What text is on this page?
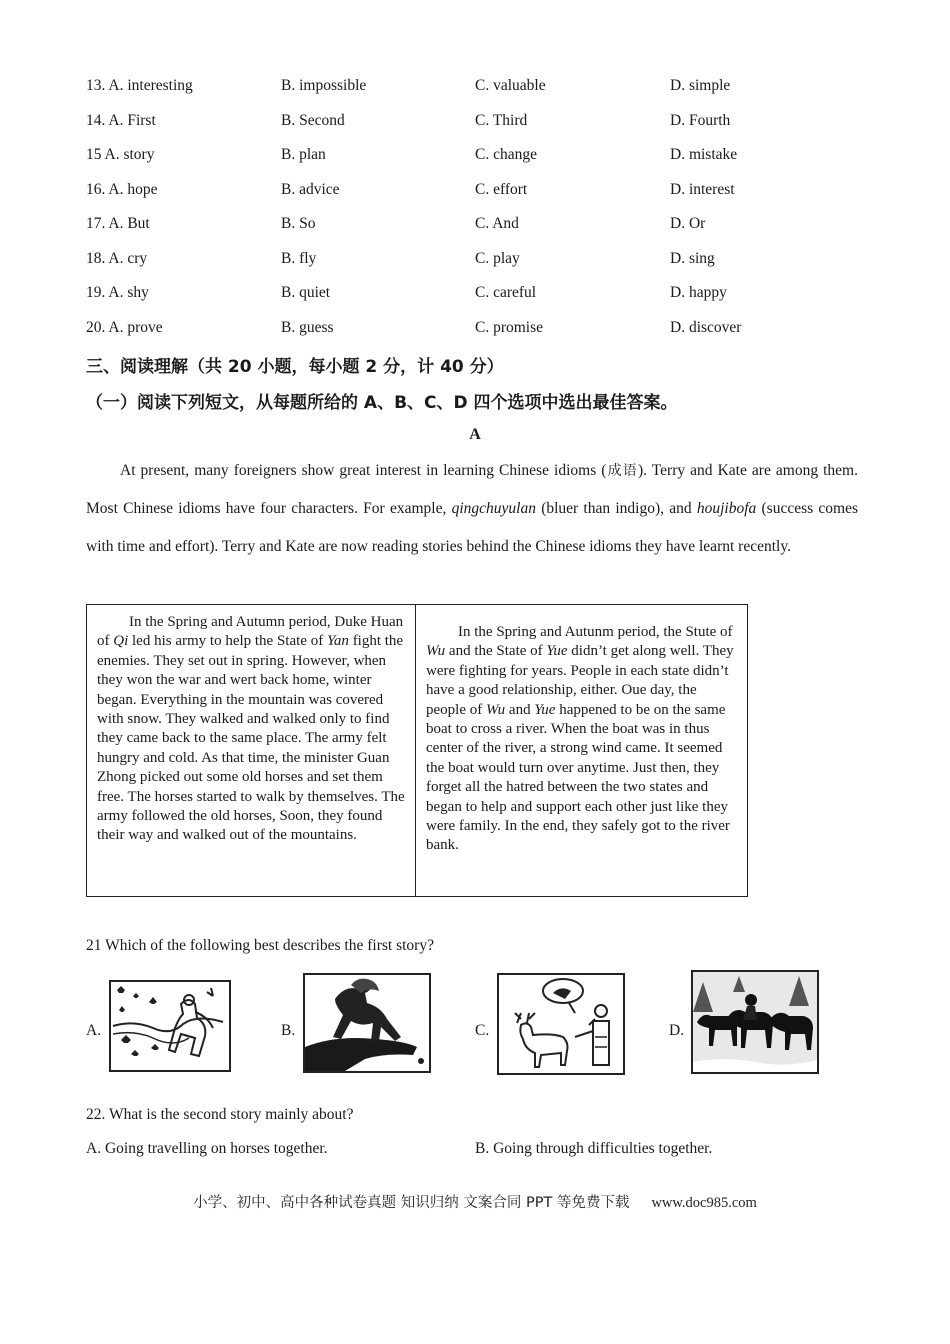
13. A. interesting	B. impossible	C. valuable	D. simple
14. A. First	B. Second	C. Third	D. Fourth
15 A. story	B. plan	C. change	D. mistake
16. A. hope	B. advice	C. effort	D. interest
17. A. But	B. So	C. And	D. Or
18. A. cry	B. fly	C. play	D. sing
19. A. shy	B. quiet	C. careful	D. happy
20. A. prove	B. guess	C. promise	D. discover
三、阅读理解（共 20 小题，每小题 2 分，计 40 分）
（一）阅读下列短文，从每题所给的 A、B、C、D 四个选项中选出最佳答案。
A
At present, many foreigners show great interest in learning Chinese idioms (成语). Terry and Kate are among them. Most Chinese idioms have four characters. For example, qingchuyulan (bluer than indigo), and houjibofa (success comes with time and effort). Terry and Kate are now reading stories behind the Chinese idioms they have learnt recently.
In the Spring and Autumn period, Duke Huan of Qi led his army to help the State of Yan fight the enemies. They set out in spring. However, when they won the war and wert back home, winter began. Everything in the mountain was covered with snow. They walked and walked only to find they came back to the same place. The army felt hungry and cold. As that time, the minister Guan Zhong picked out some old horses and set them free. The horses started to walk by themselves. The army followed the old horses, Soon, they found their way and walked out of the mountains.
In the Spring and Autunm period, the Stute of Wu and the State of Yue didn’t get along well. They were fighting for years. People in each state didn’t have a good relationship, either. Oue day, the people of Wu and Yue happened to be on the same boat to cross a river. When the boat was in thus center of the river, a strong wind came. It seemed the boat would turn over anytime. Just then, they forget all the hatred between the two states and began to help and support each other just like they were family. In the end, they safely got to the river bank.
21 Which of the following best describes the first story?
A.	B.	C.	D.
22. What is the second story mainly about?
A. Going travelling on horses together.	B. Going through difficulties together.
小学、初中、高中各种试卷真题 知识归纳 文案合同 PPT 等免费下载 www.doc985.com
